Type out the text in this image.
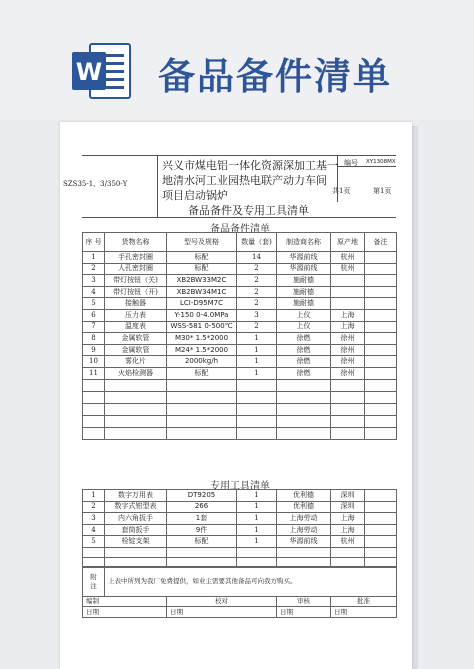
W 备品备件清单
SZS35-1、3/350-Y
兴义市煤电铝一体化资源深加工基一
地清水河工业园热电联产动力车间
项目启动锅炉
备品备件及专用工具清单
编号 XY1308MX
共1页	第1页
备品备件清单
序 号	货物名称	型号及规格	数量（套)	制造商名称	原产地	备注
1	手孔密封圈	标配	14	华源前线	杭州	
2	人孔密封圈	标配	2	华源前线	杭州	
3	带灯按钮（关)	XB2BW33M2C	2	施耐德		
4	带灯按钮（开)	XB2BW34M1C	2	施耐德		
5	接触器	LCI-D95M7C	2	施耐德		
6	压力表	Y-150 0-4.0MPa	3	上仪	上海	
7	温度表	WSS-581 0-500℃	2	上仪	上海	
8	金属软管	M30* 1.5*2000	1	徐燃	徐州	
9	金属软管	M24* 1.5*2000	1	徐燃	徐州	
10	雾化片	2000kg/h	1	徐燃	徐州	
11	火焰检测器	标配	1	徐燃	徐州	

专用工具清单
1	数字万用表	DT9205	1	优利德	深圳	
2	数字式钳型表	266	1	优利德	深圳	
3	内六角扳手	1套	1	上海劳动	上海	
4	套筒扳手	9件	1	上海劳动	上海	
5	栓锭支架	标配	1	华源前线	杭州	

附
注	上表中所列为我厂免费提供，如业主需要其他备品可向我方购买。			
编制		校对	审核	批准
日期		日期	日期	日期
